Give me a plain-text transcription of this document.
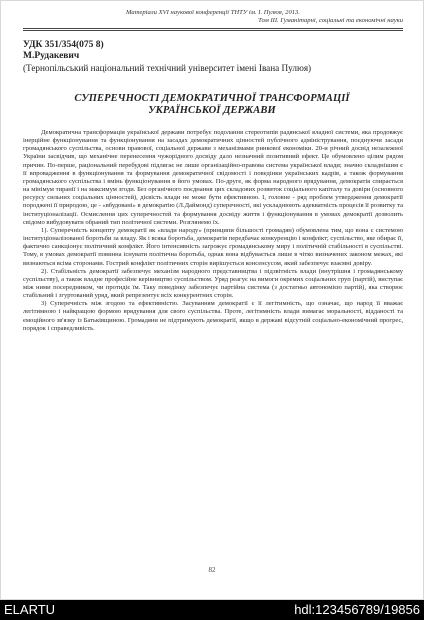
Матеріали XVI наукової конференції ТНТУ ім. І. Пулюя, 2013.
Том III. Гуманітарні, соціальні та економічні науки
УДК 351/354(075 8)
М.Рудакевич
(Тернопільський національний технічний університет імені Івана Пулюя)
СУПЕРЕЧНОСТІ ДЕМОКРАТИЧНОЇ ТРАНСФОРМАЦІЇ
УКРАЇНСЬКОЇ ДЕРЖАВИ

Демократична трансформація української держави потребує подолання стереотипів радянської владної системи, яка продовжує інерційне функціонування та функціонування на засадах демократичних цінностей публічного адміністрування, поєднуючи засади громадянського суспільства, основи правової, соціальної держави з механізмами ринкової економіки. 20-и річний досвід незалежної України засвідчив, що механічне перенесення чужорідного досвіду дало незначний позитивний ефект. Це обумовлено цілим рядом причин. По-перше, раціональний перебудові підлягає не лише організаційно-правова система української влади; значно складнішим є її впровадження в функціонування та формування демократичної свідомості і поведінки українських кадрів, а також формування громадянського суспільства і вмінь функціонування в його умовах. По-друге, як форма народного врядування, демократія спирається на мінімум тиранії і на максимум згоди. Без органічного поєднання цих складових розвиток соціального капіталу та довіри (основного ресурсу сильних соціальних цінностей), дієвість влади не може бути ефективною. І, головне - ряд проблем утвердження демократії породжені її природою, це - «вбудовані» в демократію (Л.Даймонд) суперечності, які ускладнюють адекватність процесів її розвитку та інституціоналізації. Осмислення цих суперечностей та формування досвіду життя і функціонування в умовах демократії дозволить свідомо вибудовувати обраний тип політичної системи. Розглянемо їх.

1). Суперечність концепту демократії як «влади народу» (принципи більшості громадян) обумовлена тим, що вона є системою інституціоналізованої боротьби за владу. Як і всяка боротьба, демократія передбачає конкуренцію і конфлікт; суспільство, яке обирає її, фактично санкціонує політичний конфлікт. Його інтенсивність загрожує громадянському миру і політичній стабільності в суспільстві. Тому, в умовах демократії повинна існувати політична боротьба, однак вона відбувається лише в чітко визначених законом межах, які визнаються всіма сторонами. Гострий конфлікт політичних сторін вирішується консенсусом, який забезпечує взаємні довіру.

2). Стабільність демократії забезпечує механізм народного представництва і підзвітність влади (внутрішня і громадянському суспільству), а також владне професійне керівництво суспільством. Уряд реагує на вимоги окремих соціальних груп (партій), виступає між ними посередником, чи протидіє їм. Таку поведінку забезпечує партійна система (з достатньо автономією партій), яка створює стабільний і згуртований уряд, який репрезентує всіх конкурентних сторін.

3) Суперечність між згодою та ефективністю. Засуванням демократії є її легітимність, що означає, що народ її вважає легітимною і найкращою формою врядування для свого суспільства. Проте, легітимність влади вимагає моральності, відданості та емоційного зв'язку із Батьківщиною. Громадяни не підтримують демократії, якщо в державі відсутній соціально-економічний прогрес, порядок і справедливість.

82
ELARTU	hdl:123456789/19856
